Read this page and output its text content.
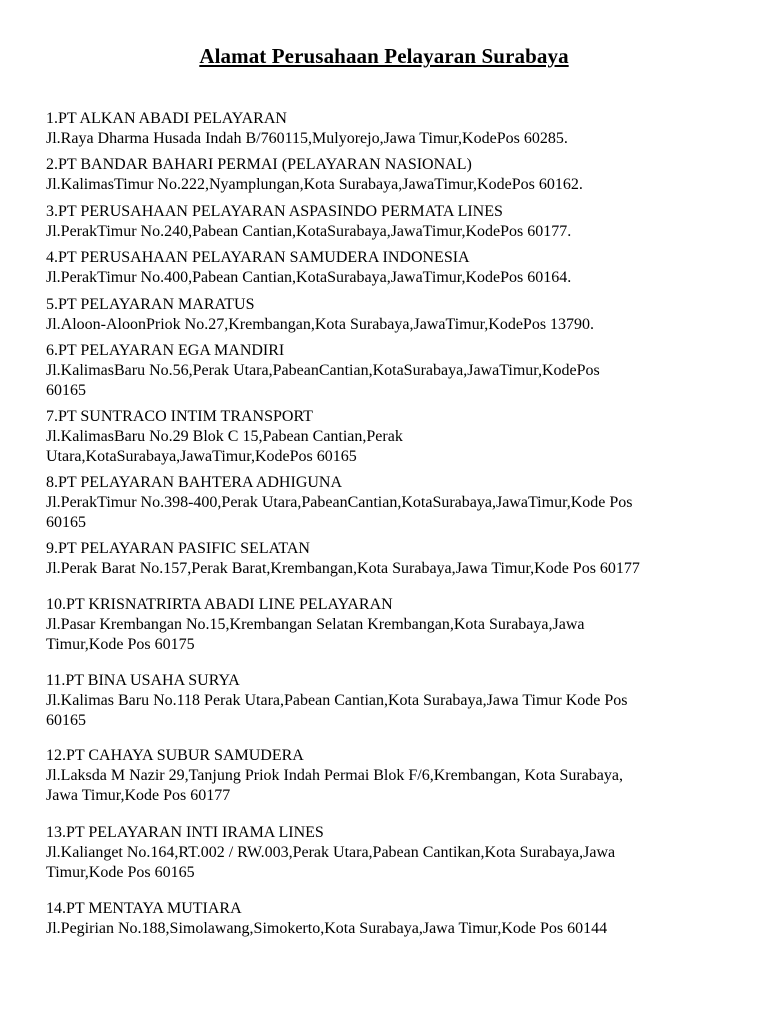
Alamat Perusahaan Pelayaran Surabaya
1.PT ALKAN ABADI PELAYARAN
Jl.Raya Dharma Husada Indah B/760115,Mulyorejo,Jawa Timur,KodePos 60285.
2.PT BANDAR BAHARI PERMAI (PELAYARAN NASIONAL)
Jl.KalimasTimur No.222,Nyamplungan,Kota Surabaya,JawaTimur,KodePos 60162.
3.PT PERUSAHAAN PELAYARAN ASPASINDO PERMATA LINES
Jl.PerakTimur No.240,Pabean Cantian,KotaSurabaya,JawaTimur,KodePos 60177.
4.PT PERUSAHAAN PELAYARAN SAMUDERA INDONESIA
Jl.PerakTimur No.400,Pabean Cantian,KotaSurabaya,JawaTimur,KodePos 60164.
5.PT PELAYARAN MARATUS
Jl.Aloon-AloonPriok No.27,Krembangan,Kota Surabaya,JawaTimur,KodePos 13790.
6.PT PELAYARAN EGA MANDIRI
Jl.KalimasBaru No.56,Perak Utara,PabeanCantian,KotaSurabaya,JawaTimur,KodePos
60165
7.PT SUNTRACO INTIM TRANSPORT
Jl.KalimasBaru No.29 Blok C 15,Pabean Cantian,Perak
Utara,KotaSurabaya,JawaTimur,KodePos 60165
8.PT PELAYARAN BAHTERA ADHIGUNA
Jl.PerakTimur No.398-400,Perak Utara,PabeanCantian,KotaSurabaya,JawaTimur,Kode Pos
60165
9.PT PELAYARAN PASIFIC SELATAN
Jl.Perak Barat No.157,Perak Barat,Krembangan,Kota Surabaya,Jawa Timur,Kode Pos 60177
10.PT KRISNATRIRTA ABADI LINE PELAYARAN
Jl.Pasar Krembangan No.15,Krembangan Selatan Krembangan,Kota Surabaya,Jawa
Timur,Kode Pos 60175
11.PT BINA USAHA SURYA
Jl.Kalimas Baru No.118 Perak Utara,Pabean Cantian,Kota Surabaya,Jawa Timur Kode Pos
60165
12.PT CAHAYA SUBUR SAMUDERA
Jl.Laksda M Nazir 29,Tanjung Priok Indah Permai Blok F/6,Krembangan, Kota Surabaya,
Jawa Timur,Kode Pos 60177
13.PT PELAYARAN INTI IRAMA LINES
Jl.Kalianget No.164,RT.002 / RW.003,Perak Utara,Pabean Cantikan,Kota Surabaya,Jawa
Timur,Kode Pos 60165
14.PT MENTAYA MUTIARA
Jl.Pegirian No.188,Simolawang,Simokerto,Kota Surabaya,Jawa Timur,Kode Pos 60144
